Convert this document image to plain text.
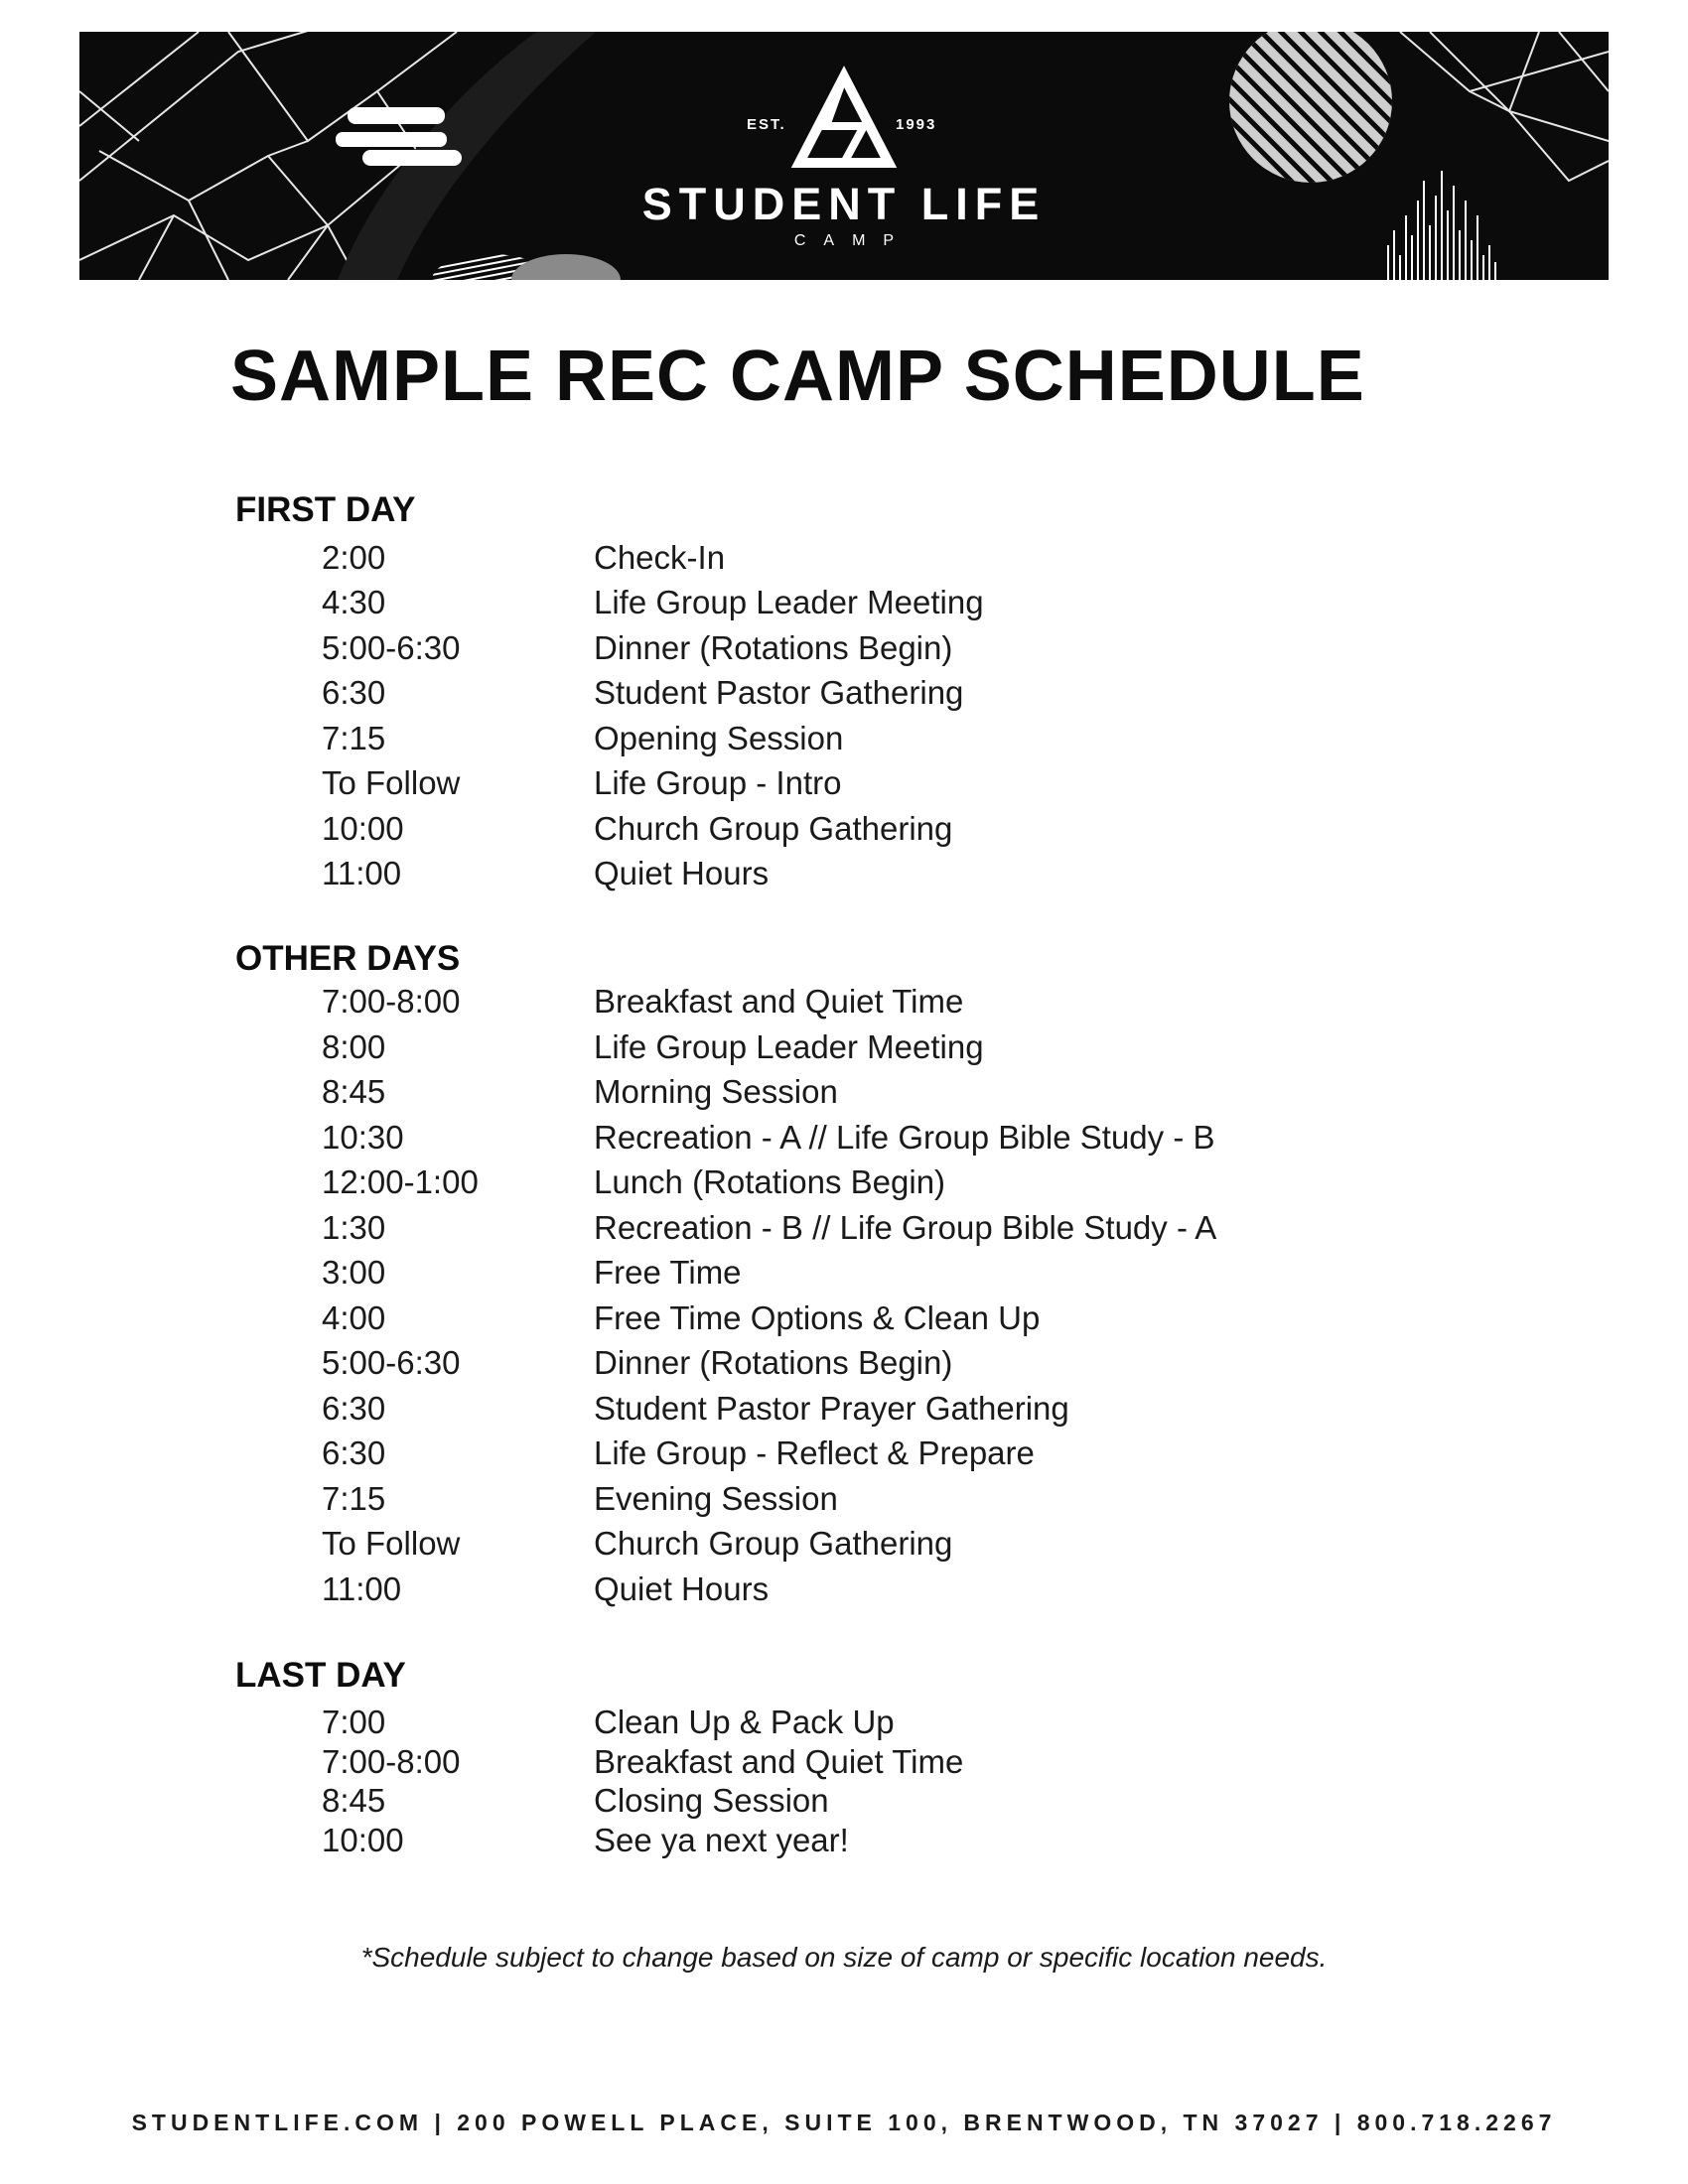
EST.	1993
STUDENT LIFE
CAMP
SAMPLE REC CAMP SCHEDULE
FIRST DAY
2:00	Check-In
4:30	Life Group Leader Meeting
5:00-6:30	Dinner (Rotations Begin)
6:30	Student Pastor Gathering
7:15	Opening Session
To Follow	Life Group - Intro
10:00	Church Group Gathering
11:00	Quiet Hours
OTHER DAYS
7:00-8:00	Breakfast and Quiet Time
8:00	Life Group Leader Meeting
8:45	Morning Session
10:30	Recreation - A // Life Group Bible Study - B
12:00-1:00	Lunch (Rotations Begin)
1:30	Recreation - B // Life Group Bible Study - A
3:00	Free Time
4:00	Free Time Options & Clean Up
5:00-6:30	Dinner (Rotations Begin)
6:30	Student Pastor Prayer Gathering
6:30	Life Group - Reflect & Prepare
7:15	Evening Session
To Follow	Church Group Gathering
11:00	Quiet Hours
LAST DAY
7:00	Clean Up & Pack Up
7:00-8:00	Breakfast and Quiet Time
8:45	Closing Session
10:00	See ya next year!
*Schedule subject to change based on size of camp or specific location needs.
STUDENTLIFE.COM | 200 POWELL PLACE, SUITE 100, BRENTWOOD, TN 37027 | 800.718.2267
